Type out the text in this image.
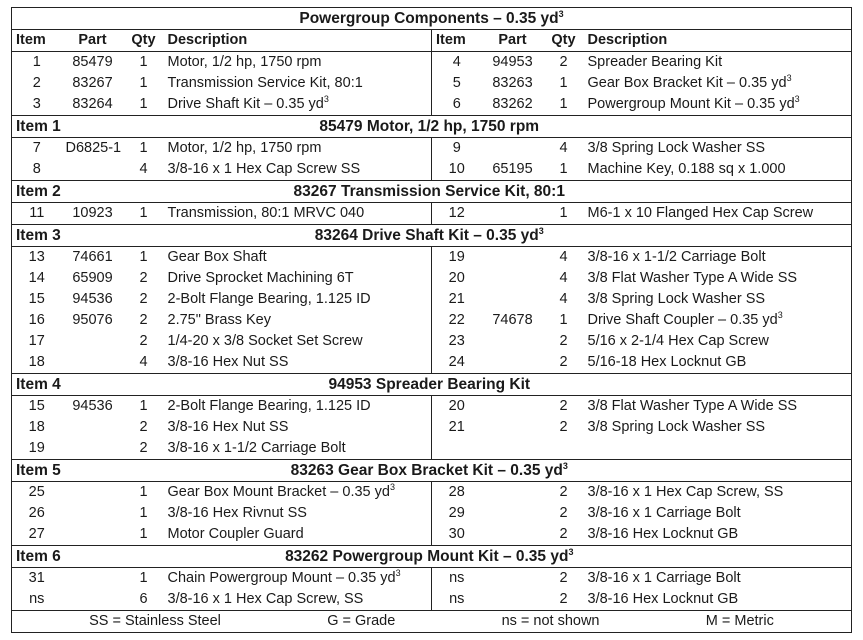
Powergroup Components – 0.35 $yd^3$
Item	Part	Qty	Description	Item	Part	Qty	Description
1	85479	1	Motor, 1/2 hp, 1750 rpm	4	94953	2	Spreader Bearing Kit
2	83267	1	Transmission Service Kit, 80:1	5	83263	1	Gear Box Bracket Kit – 0.35 $yd^3$
3	83264	1	Drive Shaft Kit – 0.35 $yd^3$	6	83262	1	Powergroup Mount Kit – 0.35 $yd^3$
Item 1		85479 Motor, 1/2 hp, 1750 rpm					
7	D6825-1	1	Motor, 1/2 hp, 1750 rpm	9		4	3/8 Spring Lock Washer SS
8		4	3/8-16 x 1 Hex Cap Screw SS	10	65195	1	Machine Key, 0.188 sq x 1.000
Item 2		83267 Transmission Service Kit, 80:1					
11	10923	1	Transmission, 80:1 MRVC 040	12		1	M6-1 x 10 Flanged Hex Cap Screw
Item 3		83264 Drive Shaft Kit – 0.35 $yd^3$
13	74661	1	Gear Box Shaft	19		4	3/8-16 x 1-1/2 Carriage Bolt
14	65909	2	Drive Sprocket Machining 6T	20		4	3/8 Flat Washer Type A Wide SS
15	94536	2	2-Bolt Flange Bearing, 1.125 ID	21		4	3/8 Spring Lock Washer SS
16	95076	2	2.75" Brass Key	22	74678	1	Drive Shaft Coupler – 0.35 $yd^3$
17		2	1/4-20 x 3/8 Socket Set Screw	23		2	5/16 x 2-1/4 Hex Cap Screw
18		4	3/8-16 Hex Nut SS	24		2	5/16-18 Hex Locknut GB
Item 4		94953 Spreader Bearing Kit					
15	94536	1	2-Bolt Flange Bearing, 1.125 ID	20		2	3/8 Flat Washer Type A Wide SS
18		2	3/8-16 Hex Nut SS	21		2	3/8 Spring Lock Washer SS
19		2	3/8-16 x 1-1/2 Carriage Bolt				
Item 5		83263 Gear Box Bracket Kit – 0.35 $yd^3$
25		1	Gear Box Mount Bracket – 0.35 $yd^3$	28		2	3/8-16 x 1 Hex Cap Screw, SS
26		1	3/8-16 Hex Rivnut SS	29		2	3/8-16 x 1 Carriage Bolt
27		1	Motor Coupler Guard	30		2	3/8-16 Hex Locknut GB
Item 6		83262 Powergroup Mount Kit – 0.35 $yd^3$
31		1	Chain Powergroup Mount – 0.35 $yd^3$	ns		2	3/8-16 x 1 Carriage Bolt
ns		6	3/8-16 x 1 Hex Cap Screw, SS	ns		2	3/8-16 Hex Locknut GB

SS = Stainless Steel G = Grade ns = not shown M = Metric							
